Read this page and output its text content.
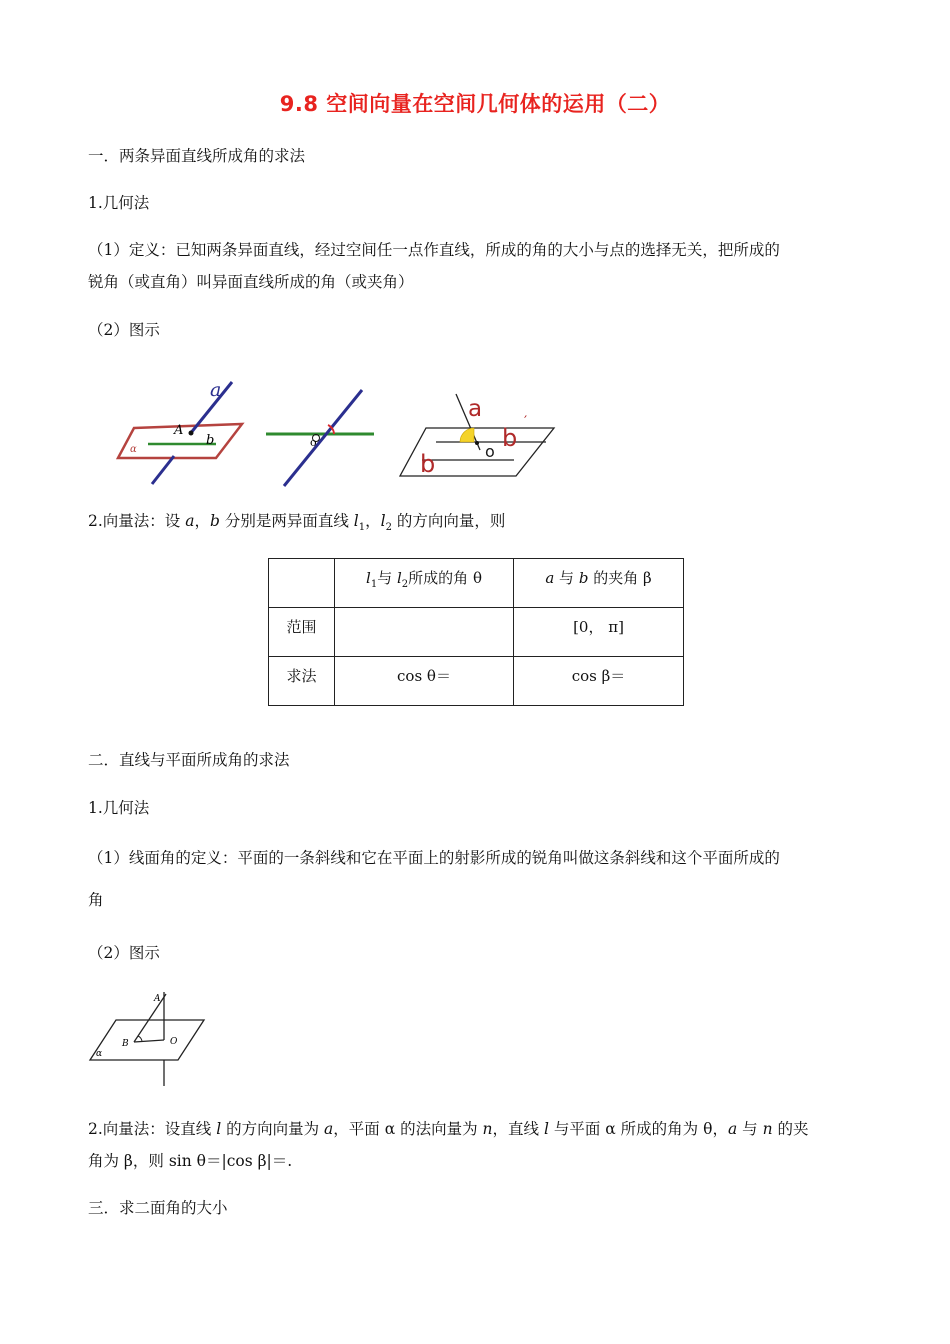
9.8 空间向量在空间几何体的运用（二）
一．两条异面直线所成角的求法
1.几何法
（1）定义：已知两条异面直线，经过空间任一点作直线，所成的角的大小与点的选择无关，把所成的
锐角（或直角）叫异面直线所成的角（或夹角）
（2）图示
a
A
b
α
o
a
b
′
o
b
2.向量法：设 a，b 分别是两异面直线 $l_1$，$l_2$ 的方向向量，则
	$l_1$与 $l_2$所成的角 θ	a 与 b 的夹角 β
范围		[0， π]
求法	cos θ＝	cos β＝
二．直线与平面所成角的求法
1.几何法
（1）线面角的定义：平面的一条斜线和它在平面上的射影所成的锐角叫做这条斜线和这个平面所成的
角
（2）图示
A
B	O
α
2.向量法：设直线 l 的方向向量为 a，平面 α 的法向量为 n，直线 l 与平面 α 所成的角为 θ，a 与 n 的夹
角为 β，则 sin θ＝|cos β|＝.
三．求二面角的大小
